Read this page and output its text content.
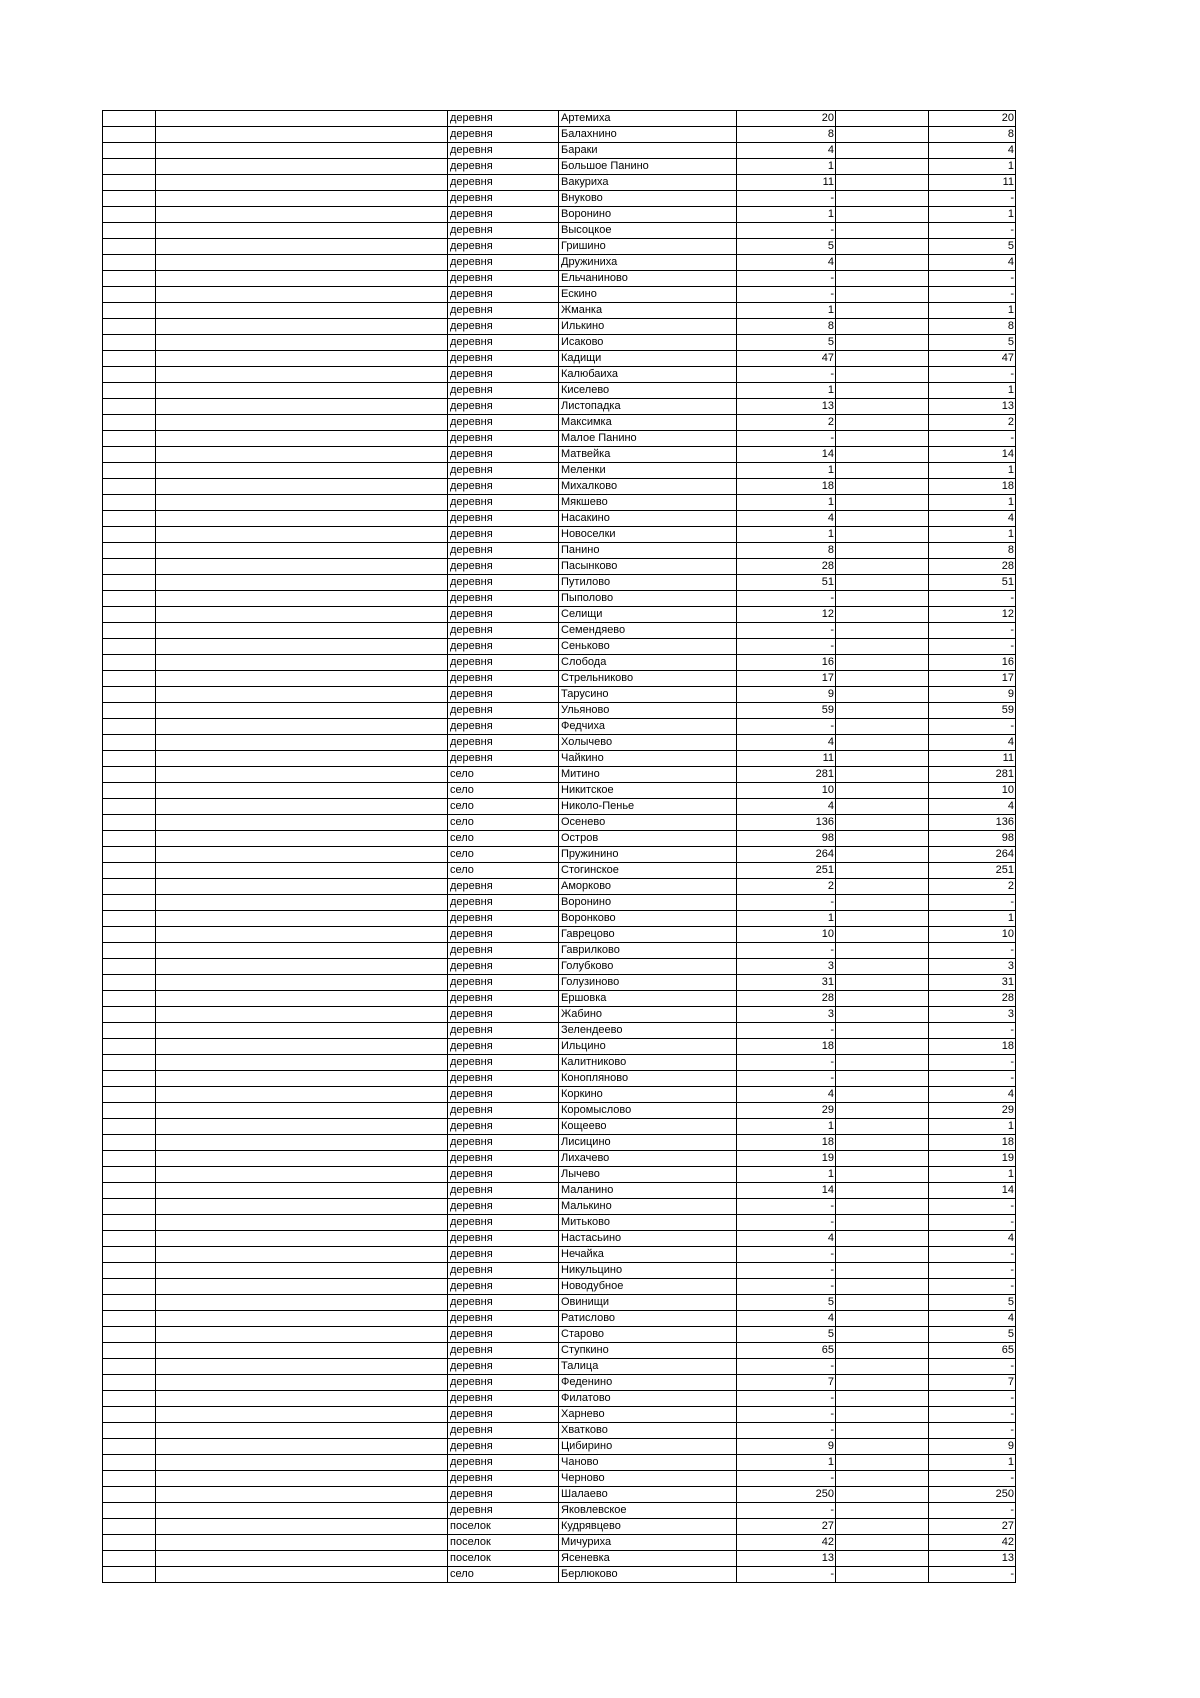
		деревня	Артемиха	20		20
		деревня	Балахнино	8		8
		деревня	Бараки	4		4
		деревня	Большое Панино	1		1
		деревня	Вакуриха	11		11
		деревня	Внуково	-		-
		деревня	Воронино	1		1
		деревня	Высоцкое	-		-
		деревня	Гришино	5		5
		деревня	Дружиниха	4		4
		деревня	Ельчаниново	-		-
		деревня	Ескино	-		-
		деревня	Жманка	1		1
		деревня	Илькино	8		8
		деревня	Исаково	5		5
		деревня	Кадищи	47		47
		деревня	Калюбаиха	-		-
		деревня	Киселево	1		1
		деревня	Листопадка	13		13
		деревня	Максимка	2		2
		деревня	Малое Панино	-		-
		деревня	Матвейка	14		14
		деревня	Меленки	1		1
		деревня	Михалково	18		18
		деревня	Мякшево	1		1
		деревня	Насакино	4		4
		деревня	Новоселки	1		1
		деревня	Панино	8		8
		деревня	Пасынково	28		28
		деревня	Путилово	51		51
		деревня	Пыполово	-		-
		деревня	Селищи	12		12
		деревня	Семендяево	-		-
		деревня	Сеньково	-		-
		деревня	Слобода	16		16
		деревня	Стрельниково	17		17
		деревня	Тарусино	9		9
		деревня	Ульяново	59		59
		деревня	Федчиха	-		-
		деревня	Холычево	4		4
		деревня	Чайкино	11		11
		село	Митино	281		281
		село	Никитское	10		10
		село	Николо-Пенье	4		4
		село	Осенево	136		136
		село	Остров	98		98
		село	Пружинино	264		264
		село	Стогинское	251		251
		деревня	Аморково	2		2
		деревня	Воронино	-		-
		деревня	Воронково	1		1
		деревня	Гаврецово	10		10
		деревня	Гаврилково	-		-
		деревня	Голубково	3		3
		деревня	Голузиново	31		31
		деревня	Ершовка	28		28
		деревня	Жабино	3		3
		деревня	Зелендеево	-		-
		деревня	Ильцино	18		18
		деревня	Калитниково	-		-
		деревня	Конопляново	-		-
		деревня	Коркино	4		4
		деревня	Коромыслово	29		29
		деревня	Кощеево	1		1
		деревня	Лисицино	18		18
		деревня	Лихачево	19		19
		деревня	Лычево	1		1
		деревня	Маланино	14		14
		деревня	Малькино	-		-
		деревня	Митьково	-		-
		деревня	Настасьино	4		4
		деревня	Нечайка	-		-
		деревня	Никульцино	-		-
		деревня	Новодубное	-		-
		деревня	Овинищи	5		5
		деревня	Ратислово	4		4
		деревня	Старово	5		5
		деревня	Ступкино	65		65
		деревня	Талица	-		-
		деревня	Феденино	7		7
		деревня	Филатово	-		-
		деревня	Харнево	-		-
		деревня	Хватково	-		-
		деревня	Цибирино	9		9
		деревня	Чаново	1		1
		деревня	Черново	-		-
		деревня	Шалаево	250		250
		деревня	Яковлевское	-		-
		поселок	Кудрявцево	27		27
		поселок	Мичуриха	42		42
		поселок	Ясеневка	13		13
		село	Берлюково	-		-
